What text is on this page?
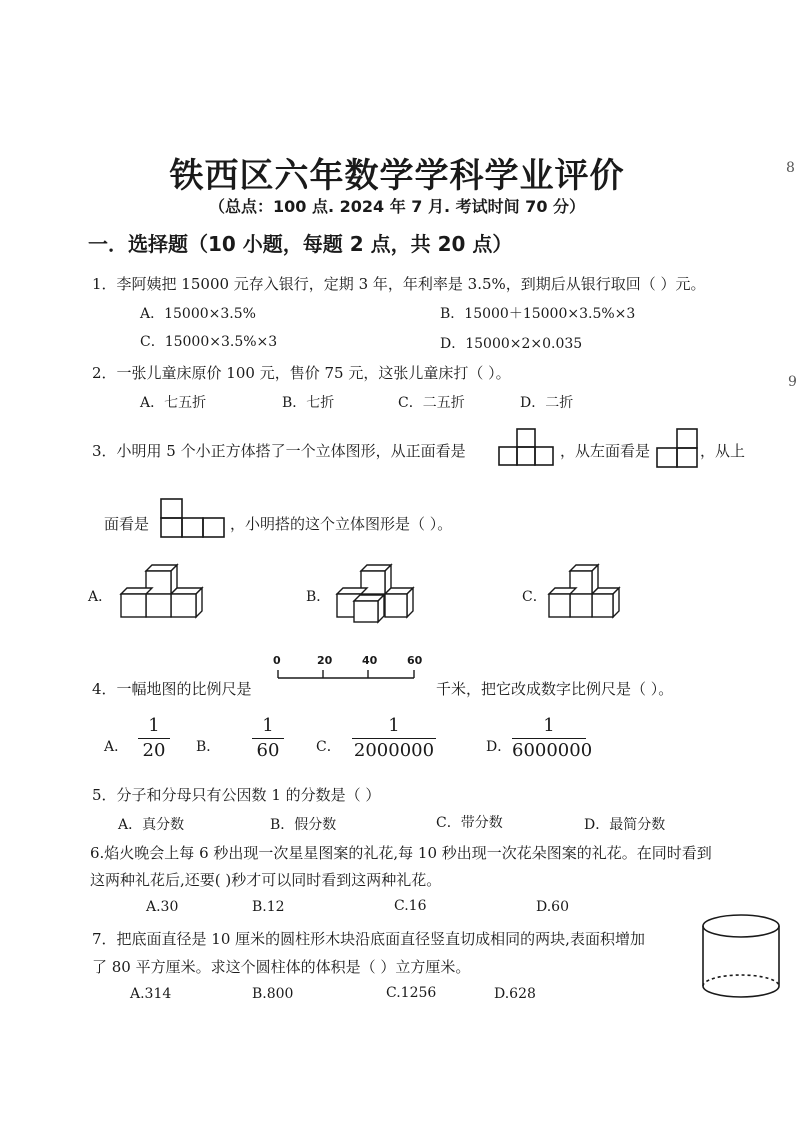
8
9
铁西区六年数学学科学业评价
（总点：100 点. 2024 年 7 月. 考试时间 70 分）
一．选择题（10 小题，每题 2 点，共 20 点）
1．李阿姨把 15000 元存入银行，定期 3 年，年利率是 3.5%，到期后从银行取回（ ）元。
A．15000×3.5%	B．15000＋15000×3.5%×3
C．15000×3.5%×3	D．15000×2×0.035
2．一张儿童床原价 100 元，售价 75 元，这张儿童床打（ ）。
A．七五折	B．七折	C．二五折	D．二折
3．小明用 5 个小正方体搭了一个立体图形，从正面看是	，从左面看是	，从上
面看是	，小明搭的这个立体图形是（ ）。
A．	B．	C．
4．一幅地图的比例尺是
0	20	40	60
千米，把它改成数字比例尺是（ ）。
A．
1
20	B．
1
60	C．
1
2000000	D．
1
6000000
5．分子和分母只有公因数 1 的分数是（ ）
A．真分数	B．假分数	C．带分数	D．最简分数
6.焰火晚会上每 6 秒出现一次星星图案的礼花,每 10 秒出现一次花朵图案的礼花。在同时看到
这两种礼花后,还要( )秒才可以同时看到这两种礼花。
A.30	B.12	C.16	D.60
7．把底面直径是 10 厘米的圆柱形木块沿底面直径竖直切成相同的两块,表面积增加
了 80 平方厘米。求这个圆柱体的体积是（ ）立方厘米。
A.314	B.800	C.1256	D.628
